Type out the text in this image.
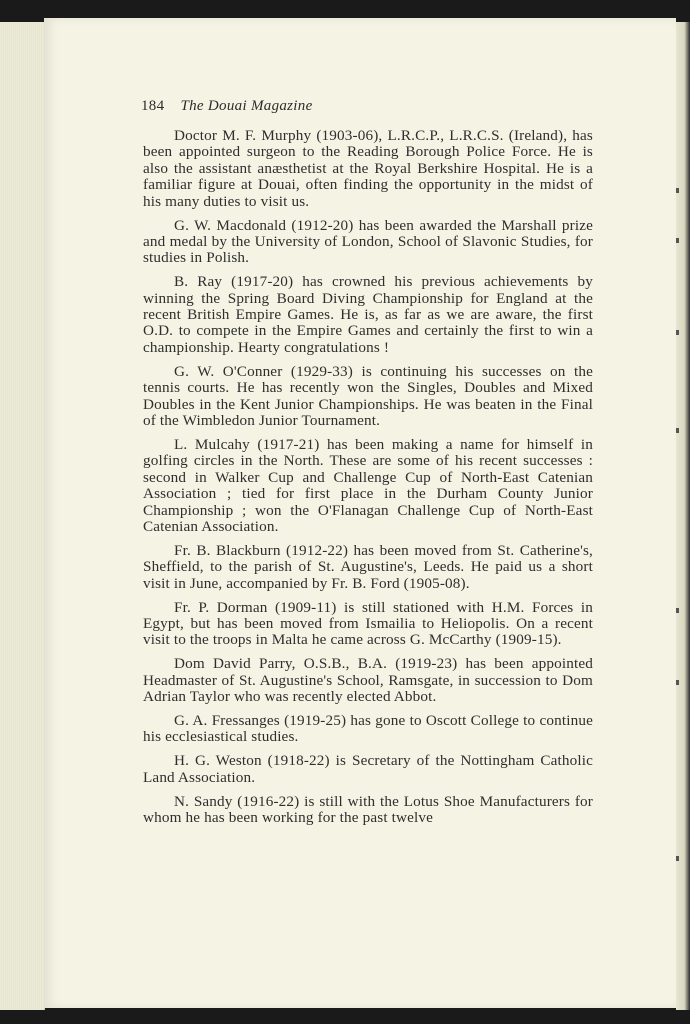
184 The Douai Magazine

Doctor M. F. Murphy (1903-06), L.R.C.P., L.R.C.S. (Ireland), has been appointed surgeon to the Reading Borough Police Force. He is also the assistant anæsthetist at the Royal Berkshire Hospital. He is a familiar figure at Douai, often finding the opportunity in the midst of his many duties to visit us.

G. W. Macdonald (1912-20) has been awarded the Marshall prize and medal by the University of London, School of Slavonic Studies, for studies in Polish.

B. Ray (1917-20) has crowned his previous achievements by winning the Spring Board Diving Championship for England at the recent British Empire Games. He is, as far as we are aware, the first O.D. to compete in the Empire Games and certainly the first to win a championship. Hearty congratulations !

G. W. O'Conner (1929-33) is continuing his successes on the tennis courts. He has recently won the Singles, Doubles and Mixed Doubles in the Kent Junior Championships. He was beaten in the Final of the Wimbledon Junior Tournament.

L. Mulcahy (1917-21) has been making a name for himself in golfing circles in the North. These are some of his recent successes : second in Walker Cup and Challenge Cup of North-East Catenian Association ; tied for first place in the Durham County Junior Championship ; won the O'Flanagan Challenge Cup of North-East Catenian Association.

Fr. B. Blackburn (1912-22) has been moved from St. Catherine's, Sheffield, to the parish of St. Augustine's, Leeds. He paid us a short visit in June, accompanied by Fr. B. Ford (1905-08).

Fr. P. Dorman (1909-11) is still stationed with H.M. Forces in Egypt, but has been moved from Ismailia to Heliopolis. On a recent visit to the troops in Malta he came across G. McCarthy (1909-15).

Dom David Parry, O.S.B., B.A. (1919-23) has been appointed Headmaster of St. Augustine's School, Ramsgate, in succession to Dom Adrian Taylor who was recently elected Abbot.

G. A. Fressanges (1919-25) has gone to Oscott College to continue his ecclesiastical studies.

H. G. Weston (1918-22) is Secretary of the Nottingham Catholic Land Association.

N. Sandy (1916-22) is still with the Lotus Shoe Manufacturers for whom he has been working for the past twelve
